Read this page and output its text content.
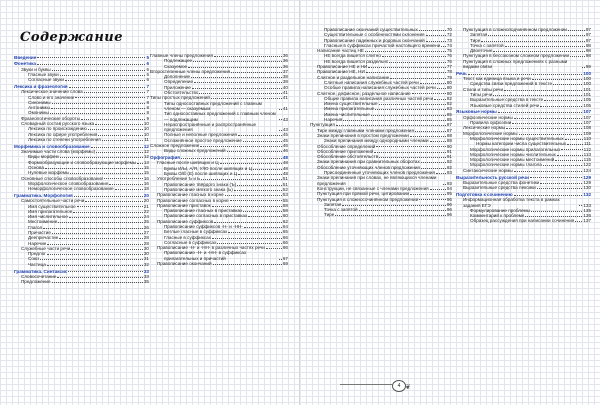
Содержание
Введение	5
Фонетика	6
Звуки и буквы	6
Гласные звуки	6
Согласные звуки	6
Лексика и фразеология	7
Лексическое значение слова	7
Слово и его значение	7
Синонимы	8
Антонимы	8
Омонимы	8
Фразеологические обороты	9
Словарный состав русского языка	10
Лексика по происхождению	10
Лексика по сфере употребления	10
Лексика по степени употребления	11
Морфемика и словообразование	12
Значимые части слова (морфемы)	12
Виды морфем	12
Формообразующие и словообразующие морфемы 13
Основа	15
Нулевые морфемы	15
Основные способы словообразования	16
Морфологическое словообразование	16
Неморфологическое словообразование	18
Грамматика. Морфология	20
Самостоятельные части речи	20
Имя существительное	21
Имя прилагательное	22
Имя числительное	24
Местоимение	25
Глагол	26
Причастие	27
Деепричастие	28
Наречие	28
Служебные части речи	30
Предлог	30
Союз	31
Частица	32
Грамматика. Синтаксис	33
Словосочетание	33
Предложение	35
Главные члены предложения	36
Подлежащее	36
Сказуемое	36
Второстепенные члены предложения	37
Дополнение	38
Определение	38
Приложение	40
Обстоятельство	41
Типы простых предложений	41
Типы односоставных предложений с главным членом — сказуемым	41
Тип односоставных предложений с главным членом — подлежащим	43
Нераспространённые и распространённые предложения	43
Полные и неполные предложения	45
Осложнённое простое предложение	45
Сложное предложение	46
Виды сложных предложений	46
Орфография	48
Гласные после шипящих и Ц	48
Буквы И/Ы, А/Я, У/Ю после шипящих и Ц	48
Буквы О/Ё (Е) после шипящих и Ц	48
Употребление Ъ и Ь	51
Правописание твёрдого знака (Ъ)	51
Правописание мягкого знака (Ь)	52
Правописание гласных в корне	53
Правописание согласных в корне	55
Правописание приставок	58
Правописание гласных в приставках	58
Правописание согласных в приставках	60
Правописание суффиксов	62
Правописание суффиксов -Н- и -НН-	64
Беглые гласные в суффиксах	65
Гласные в суффиксах	66
Согласные в суффиксах	66
Правописание -Н- и -НН- в различных частях речи	66
Правописание -Н- и -НН- в суффиксах прилагательных и причастий	67
Правописание окончаний	69
Правописание окончаний существительных	70
Существительные с особенностями склонения	72
Правописание падежных и родовых окончаний	73
Гласные в суффиксах причастий настоящего времени 74
Написание частиц НЕ	75
НЕ всегда пишется слитно	76
НЕ всегда пишется раздельно	76
Правописание НЕ и НИ	77
Правописание НЕ, НИ	78
Слитное и раздельное написание	79
Слитные написания служебных частей речи	80
Особые правила написания служебных частей речи 80
Слитное, дефисное, раздельное написание	80
Общие правила написания различных частей речи	82
Имена существительные	82
Имена прилагательные	83
Имена числительные	85
Наречия	85
Пунктуация	87
Тире между главными членами предложения	87
Знаки препинания в простом предложении	88
Знаки препинания между однородными членами	88
Обособление определений	90
Обособление приложений	91
Обособление обстоятельств	91
Знаки препинания при сравнительных оборотах	92
Обособление уточняющих членов предложения	92
Присоединенные уточняющих членов предложения	93
Знаки препинания при словах, не являющихся членами предложения	93
Конструкции, не связанные с членами предложения	94
Пунктуация при прямой речи, цитировании	95
Пунктуация в сложносочинённом предложении	96
Запятая	96
Точка с запятой	96
Тире	96
Пунктуация в сложноподчинённом предложении	97
Запятая	97
Тире	97
Точка с запятой	98
Двоеточие	98
Пунктуация в бессоюзном сложном предложении	98
Пунктуация в сложных предложениях с разными видами связи	99
Речь	100
Текст как единица языка и речи	100
Средства связи предложений в тексте	100
Стили и типы речи	101
Типы речи	101
Выразительные средства в тексте	105
Языковые средства стилей речи	105
Языковые нормы	107
Орфоэпические нормы	107
Правила орфоэпии	107
Лексические нормы	108
Морфологические нормы	109
Морфологические нормы существительных	110
Нормы категории числа существительных	111
Морфологические нормы прилагательных	112
Морфологические нормы числительных	113
Морфологические нормы местоимений	115
Морфологические нормы глагола	122
Синтаксические нормы	124
Выразительность русской речи	129
Выразительные средства фонетики	129
Выразительные средства лексики	130
Подготовка к сочинению	132
Информационная обработка текста в рамках задания ЕГЭ	133
Формулирование проблемы	135
Комментарий к проблеме	136
Образец рассуждения при написании сочинения 137
4 ❦
